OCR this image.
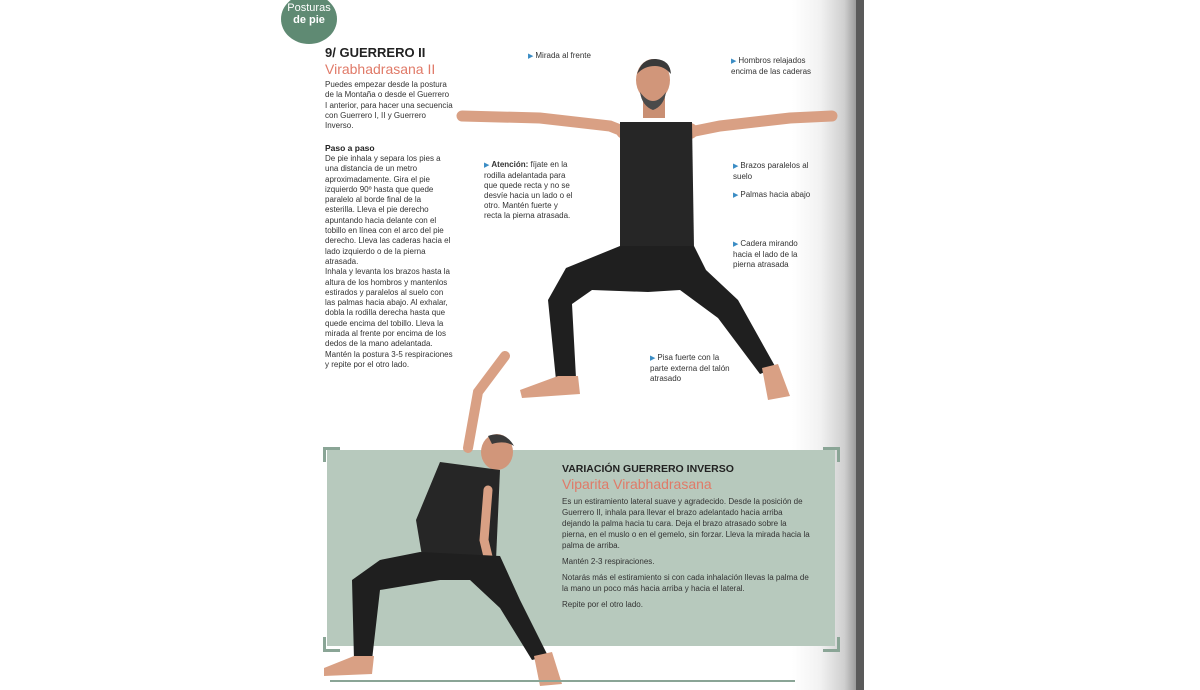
Posturas
de pie
9/ GUERRERO II
Virabhadrasana II

Puedes empezar desde la postura de la Montaña o desde el Guerrero I anterior, para hacer una secuencia con Guerrero I, II y Guerrero Inverso.

Paso a paso

De pie inhala y separa los pies a una distancia de un metro aproximadamente. Gira el pie izquierdo 90º hasta que quede paralelo al borde final de la esterilla. Lleva el pie derecho apuntando hacia delante con el tobillo en línea con el arco del pie derecho. Lleva las caderas hacia el lado izquierdo o de la pierna atrasada.

Inhala y levanta los brazos hasta la altura de los hombros y mantenlos estirados y paralelos al suelo con las palmas hacia abajo. Al exhalar, dobla la rodilla derecha hasta que quede encima del tobillo. Lleva la mirada al frente por encima de los dedos de la mano adelantada.

Mantén la postura 3-5 respiraciones y repite por el otro lado.

▶ Mirada al frente
▶ Hombros relajados encima de las caderas
▶ Atención: fíjate en la rodilla adelantada para que quede recta y no se desvíe hacia un lado o el otro. Mantén fuerte y recta la pierna atrasada.
▶ Brazos paralelos al suelo
▶ Palmas hacia abajo
▶ Cadera mirando hacia el lado de la pierna atrasada
▶ Pisa fuerte con la parte externa del talón atrasado
VARIACIÓN GUERRERO INVERSO
Viparita Virabhadrasana

Es un estiramiento lateral suave y agradecido. Desde la posición de Guerrero II, inhala para llevar el brazo adelantado hacia arriba dejando la palma hacia tu cara. Deja el brazo atrasado sobre la pierna, en el muslo o en el gemelo, sin forzar. Lleva la mirada hacia la palma de arriba.

Mantén 2-3 respiraciones.

Notarás más el estiramiento si con cada inhalación llevas la palma de la mano un poco más hacia arriba y hacia el lateral.

Repite por el otro lado.
